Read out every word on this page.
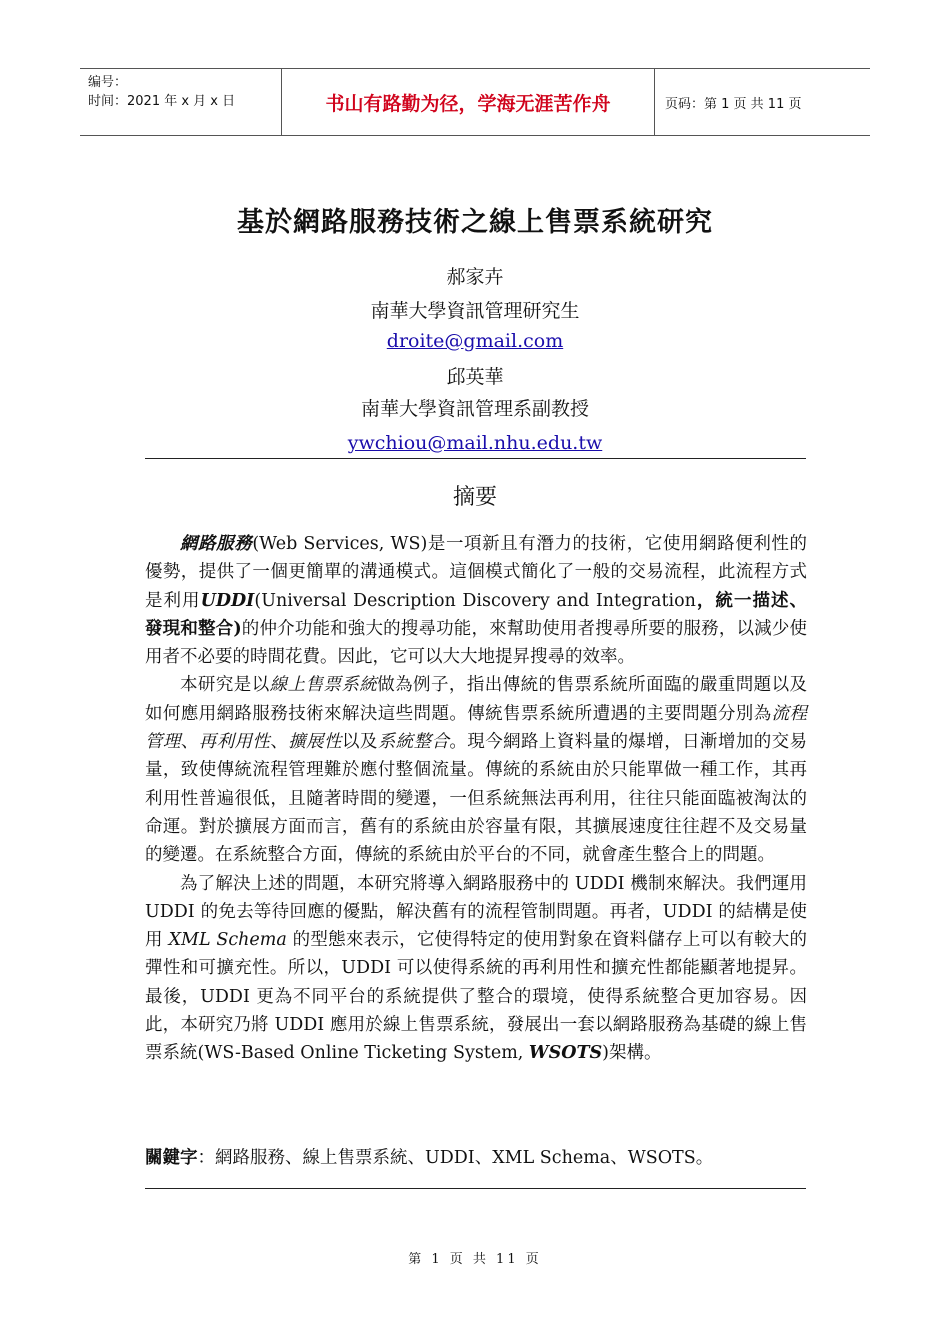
编号：
时间：2021 年 x 月 x 日	书山有路勤为径，学海无涯苦作舟	页码：第 1 页 共 11 页
基於網路服務技術之線上售票系統研究
郝家卉
南華大學資訊管理研究生
droite@gmail.com
邱英華
南華大學資訊管理系副教授
ywchiou@mail.nhu.edu.tw
摘要

網路服務(Web Services, WS)是一項新且有潛力的技術，它使用網路便利性的優勢，提供了一個更簡單的溝通模式。這個模式簡化了一般的交易流程，此流程方式是利用UDDI(Universal Description Discovery and Integration，統一描述、發現和整合)的仲介功能和強大的搜尋功能，來幫助使用者搜尋所要的服務，以減少使用者不必要的時間花費。因此，它可以大大地提昇搜尋的效率。

本研究是以線上售票系統做為例子，指出傳統的售票系統所面臨的嚴重問題以及如何應用網路服務技術來解決這些問題。傳統售票系統所遭遇的主要問題分別為流程管理、再利用性、擴展性以及系統整合。現今網路上資料量的爆增，日漸增加的交易量，致使傳統流程管理難於應付整個流量。傳統的系統由於只能單做一種工作，其再利用性普遍很低，且隨著時間的變遷，一但系統無法再利用，往往只能面臨被淘汰的命運。對於擴展方面而言，舊有的系統由於容量有限，其擴展速度往往趕不及交易量的變遷。在系統整合方面，傳統的系統由於平台的不同，就會產生整合上的問題。

為了解決上述的問題，本研究將導入網路服務中的 UDDI 機制來解決。我們運用 UDDI 的免去等待回應的優點，解決舊有的流程管制問題。再者，UDDI 的結構是使用 XML Schema 的型態來表示，它使得特定的使用對象在資料儲存上可以有較大的彈性和可擴充性。所以，UDDI 可以使得系統的再利用性和擴充性都能顯著地提昇。最後，UDDI 更為不同平台的系統提供了整合的環境，使得系統整合更加容易。因此，本研究乃將 UDDI 應用於線上售票系統，發展出一套以網路服務為基礎的線上售票系統(WS-Based Online Ticketing System, WSOTS)架構。

關鍵字：網路服務、線上售票系統、UDDI、XML Schema、WSOTS。
第 1 页 共 11 页
